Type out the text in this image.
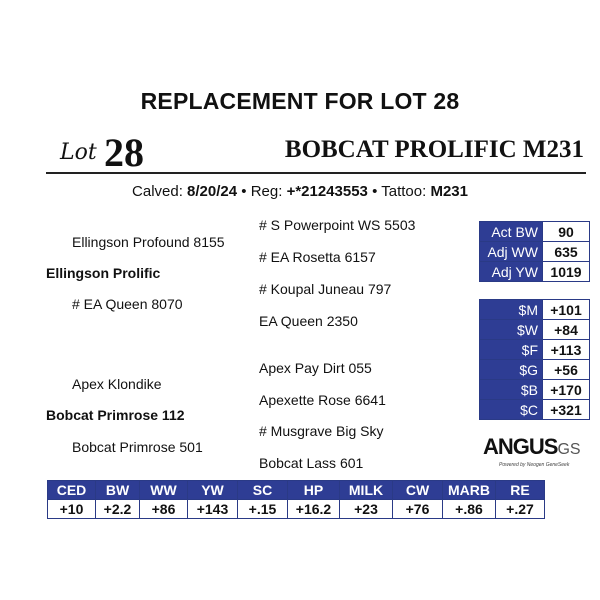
REPLACEMENT FOR LOT 28
Lot 28	BOBCAT PROLIFIC M231
Calved: 8/20/24 • Reg: +*21243553 • Tattoo: M231
# S Powerpoint WS 5503
Ellingson Profound 8155
# EA Rosetta 6157
Ellingson Prolific
# Koupal Juneau 797
# EA Queen 8070
EA Queen 2350
Apex Pay Dirt 055
Apex Klondike
Apexette Rose 6641
Bobcat Primrose 112
# Musgrave Big Sky
Bobcat Primrose 501
Bobcat Lass 601
Act BW	90
Adj WW	635
Adj YW	1019
$M	+101
$W	+84
$F	+113
$G	+56
$B	+170
$C	+321
ANGUSGS
Powered by Neogen GeneSeek
CED	BW	WW	YW	SC	HP	MILK	CW	MARB	RE
+10	+2.2	+86	+143	+.15	+16.2	+23	+76	+.86	+.27
